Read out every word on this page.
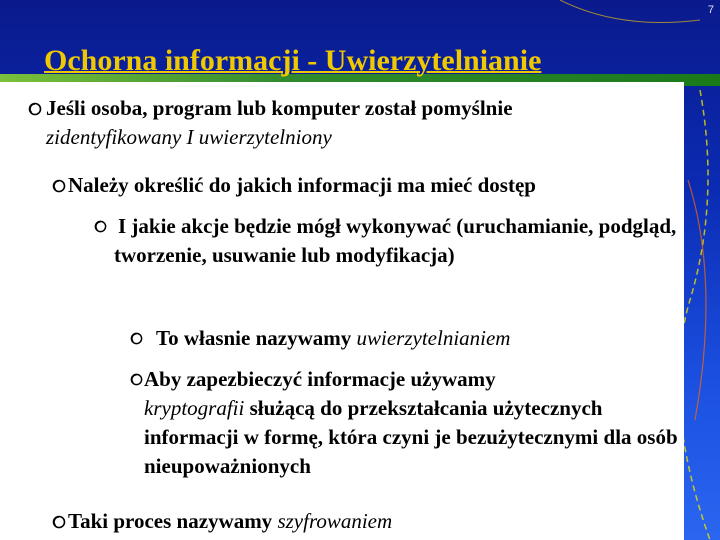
7
Ochorna informacji - Uwierzytelnianie
Jeśli osoba, program lub komputer został pomyślnie
zidentyfikowany I uwierzytelniony
Należy określić do jakich informacji ma mieć dostęp
I jakie akcje będzie mógł wykonywać (uruchamianie, podgląd, tworzenie, usuwanie lub modyfikacja)
To własnie nazywamy uwierzytelnianiem
Aby zapezbieczyć informacje używamy
kryptografii służącą do przekształcania użytecznych informacji w formę, która czyni je bezużytecznymi dla osób nieupoważnionych
Taki proces nazywamy szyfrowaniem
